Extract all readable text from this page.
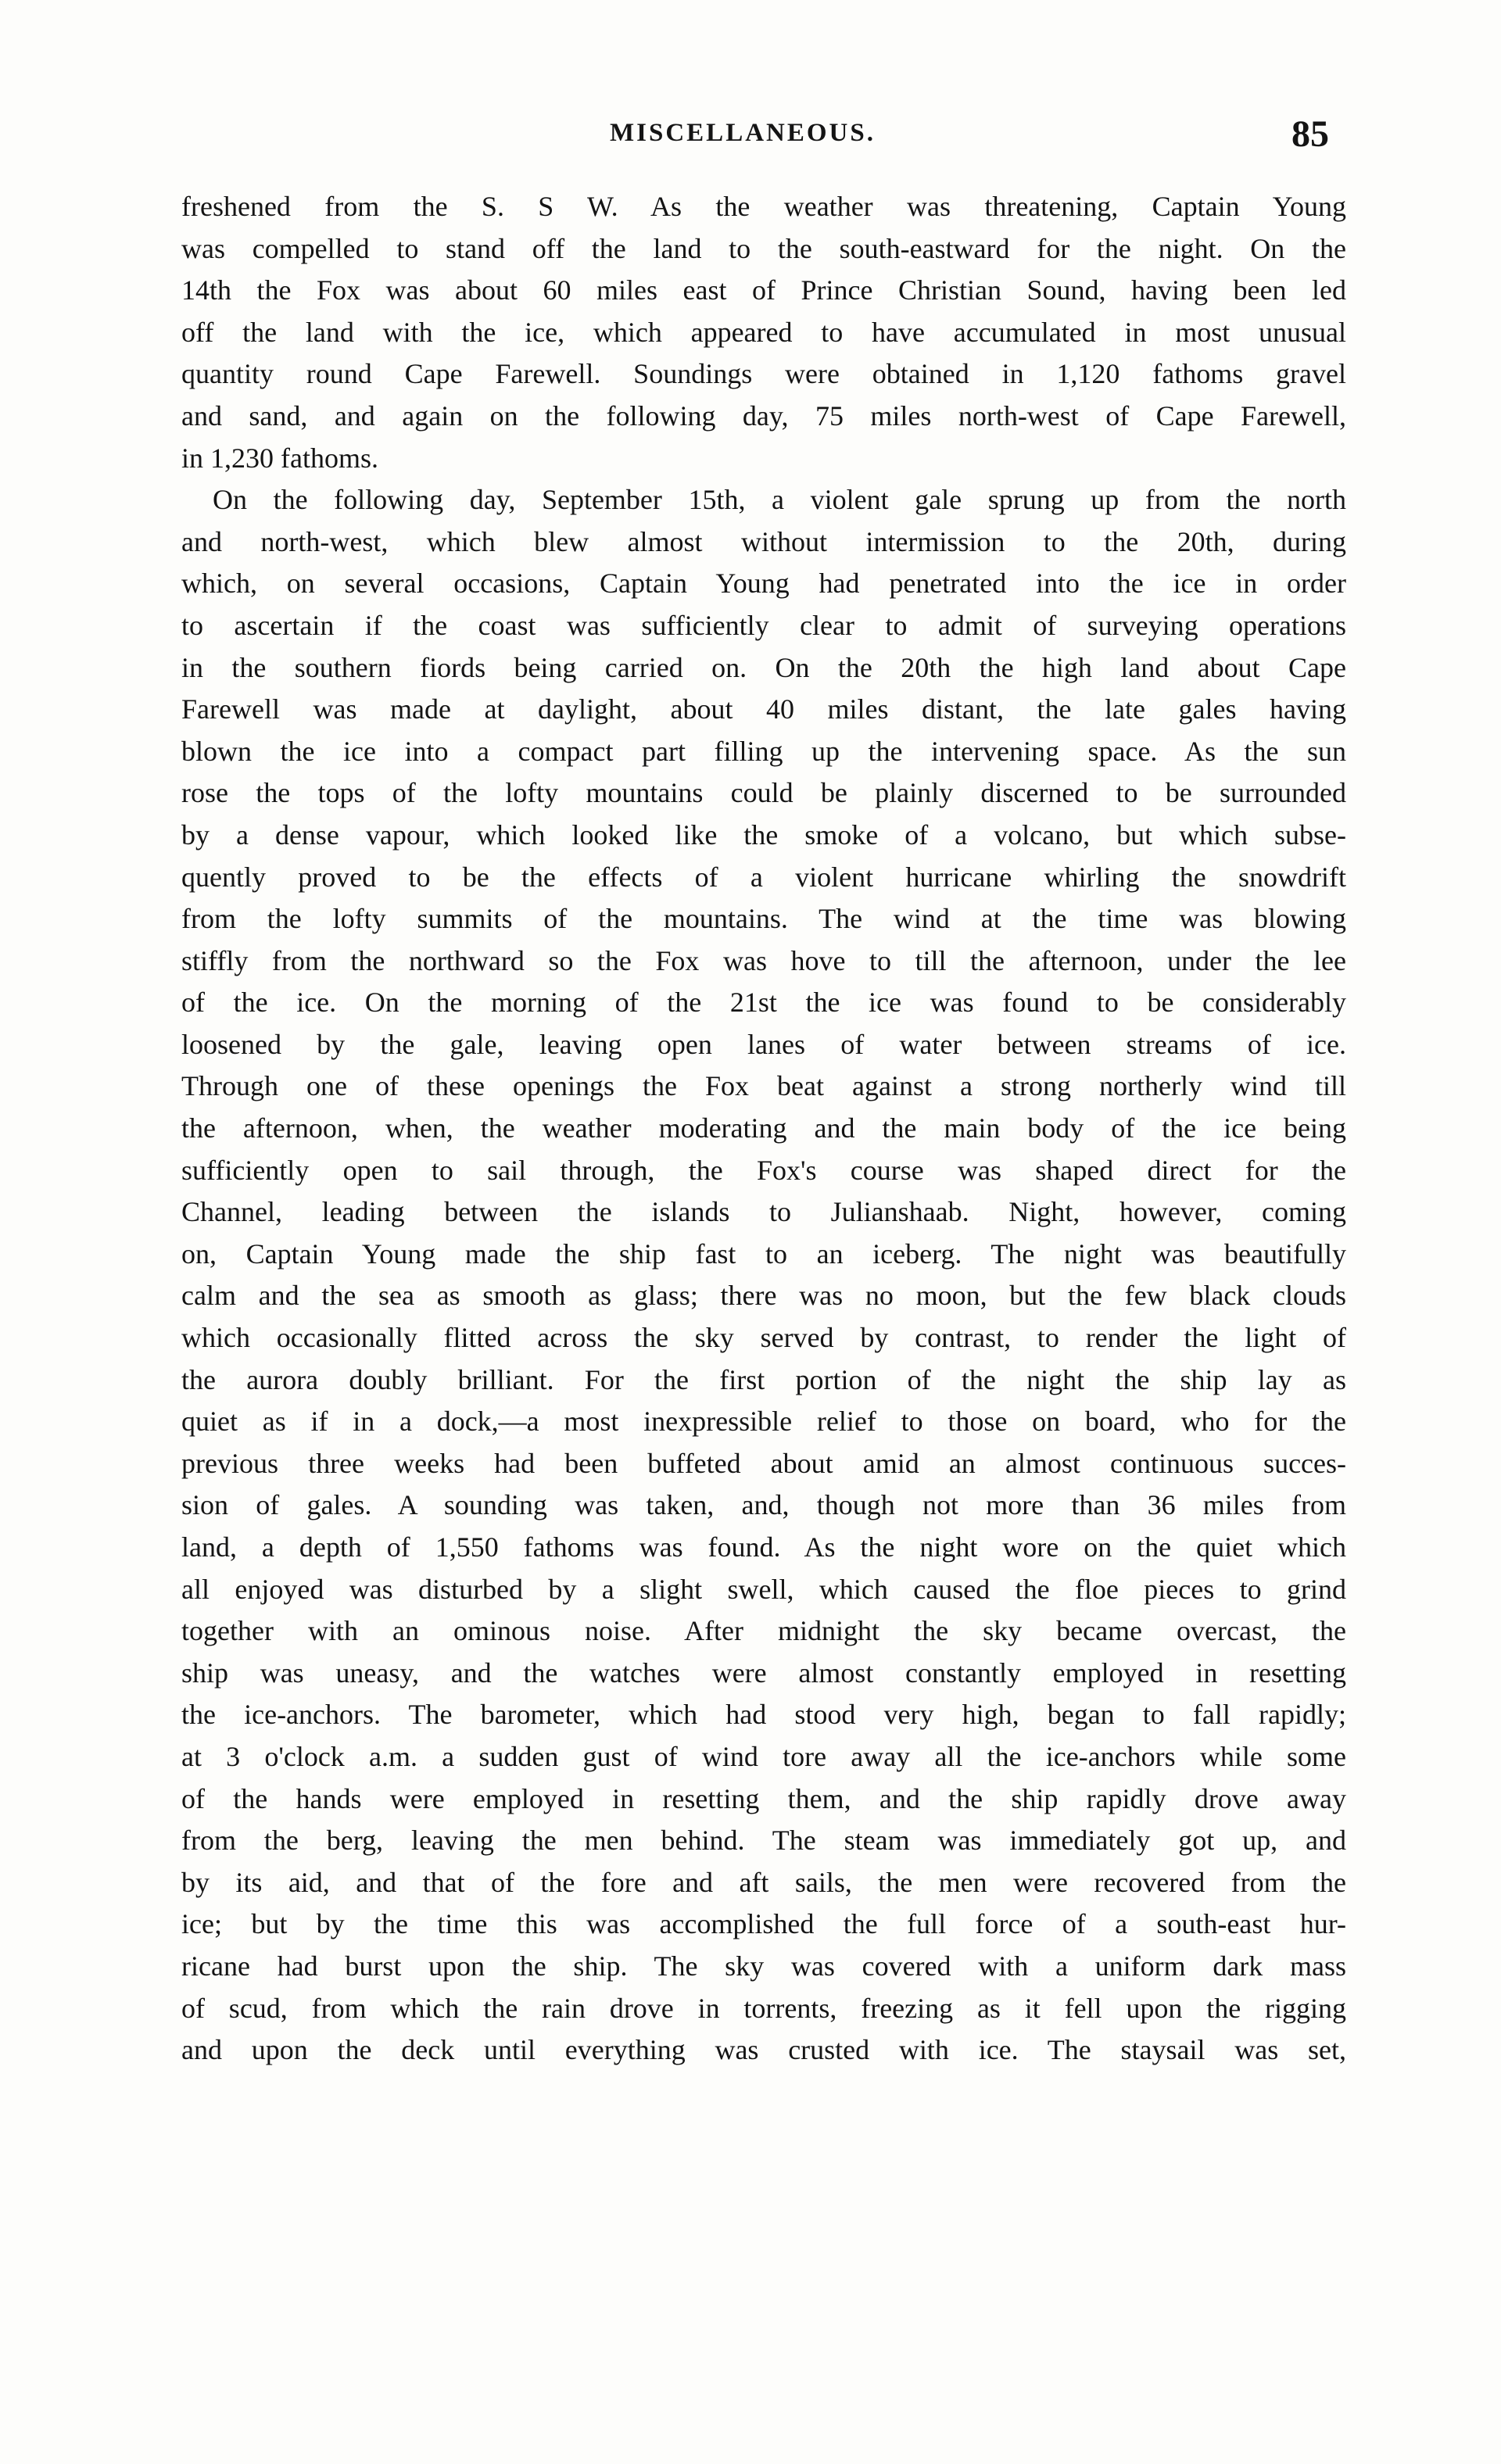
MISCELLANEOUS.	85
freshened from the S. S W. As the weather was threatening, Captain Young
was compelled to stand off the land to the south-eastward for the night. On the
14th the Fox was about 60 miles east of Prince Christian Sound, having been led
off the land with the ice, which appeared to have accumulated in most unusual
quantity round Cape Farewell. Soundings were obtained in 1,120 fathoms gravel
and sand, and again on the following day, 75 miles north-west of Cape Farewell,
in 1,230 fathoms.
On the following day, September 15th, a violent gale sprung up from the north
and north-west, which blew almost without intermission to the 20th, during
which, on several occasions, Captain Young had penetrated into the ice in order
to ascertain if the coast was sufficiently clear to admit of surveying operations
in the southern fiords being carried on. On the 20th the high land about Cape
Farewell was made at daylight, about 40 miles distant, the late gales having
blown the ice into a compact part filling up the intervening space. As the sun
rose the tops of the lofty mountains could be plainly discerned to be surrounded
by a dense vapour, which looked like the smoke of a volcano, but which subse-
quently proved to be the effects of a violent hurricane whirling the snowdrift
from the lofty summits of the mountains. The wind at the time was blowing
stiffly from the northward so the Fox was hove to till the afternoon, under the lee
of the ice. On the morning of the 21st the ice was found to be considerably
loosened by the gale, leaving open lanes of water between streams of ice.
Through one of these openings the Fox beat against a strong northerly wind till
the afternoon, when, the weather moderating and the main body of the ice being
sufficiently open to sail through, the Fox's course was shaped direct for the
Channel, leading between the islands to Julianshaab. Night, however, coming
on, Captain Young made the ship fast to an iceberg. The night was beautifully
calm and the sea as smooth as glass; there was no moon, but the few black clouds
which occasionally flitted across the sky served by contrast, to render the light of
the aurora doubly brilliant. For the first portion of the night the ship lay as
quiet as if in a dock,—a most inexpressible relief to those on board, who for the
previous three weeks had been buffeted about amid an almost continuous succes-
sion of gales. A sounding was taken, and, though not more than 36 miles from
land, a depth of 1,550 fathoms was found. As the night wore on the quiet which
all enjoyed was disturbed by a slight swell, which caused the floe pieces to grind
together with an ominous noise. After midnight the sky became overcast, the
ship was uneasy, and the watches were almost constantly employed in resetting
the ice-anchors. The barometer, which had stood very high, began to fall rapidly;
at 3 o'clock a.m. a sudden gust of wind tore away all the ice-anchors while some
of the hands were employed in resetting them, and the ship rapidly drove away
from the berg, leaving the men behind. The steam was immediately got up, and
by its aid, and that of the fore and aft sails, the men were recovered from the
ice; but by the time this was accomplished the full force of a south-east hur-
ricane had burst upon the ship. The sky was covered with a uniform dark mass
of scud, from which the rain drove in torrents, freezing as it fell upon the rigging
and upon the deck until everything was crusted with ice. The staysail was set,
